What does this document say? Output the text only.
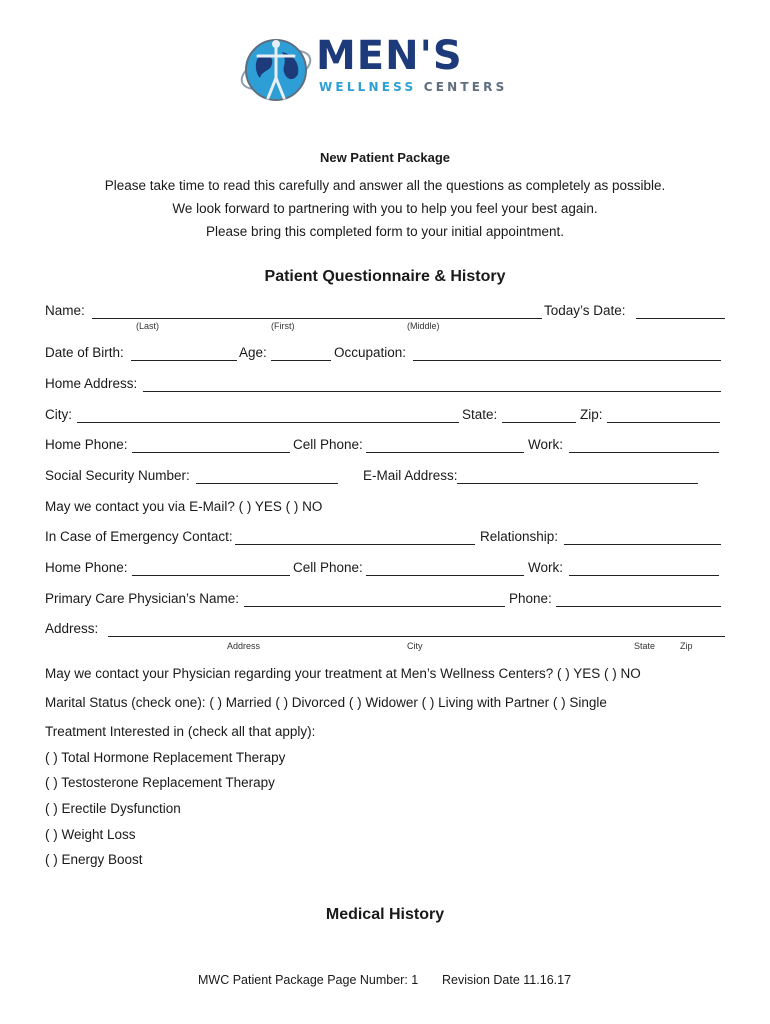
MEN'S
WELLNESS CENTERS
New Patient Package
Please take time to read this carefully and answer all the questions as completely as possible.
We look forward to partnering with you to help you feel your best again.
Please bring this completed form to your initial appointment.
Patient Questionnaire & History
Name:	Today’s Date:
(Last)	(First)	(Middle)
Date of Birth:	Age:	Occupation:
Home Address:
City:	State:	Zip:
Home Phone:	Cell Phone:	Work:
Social Security Number:	E-Mail Address:
May we contact you via E-Mail? ( ) YES ( ) NO
In Case of Emergency Contact:	Relationship:
Home Phone:	Cell Phone:	Work:
Primary Care Physician’s Name:	Phone:
Address:
Address	City	State	Zip
May we contact your Physician regarding your treatment at Men’s Wellness Centers? ( ) YES ( ) NO
Marital Status (check one): ( ) Married ( ) Divorced ( ) Widower ( ) Living with Partner ( ) Single
Treatment Interested in (check all that apply):
( ) Total Hormone Replacement Therapy
( ) Testosterone Replacement Therapy
( ) Erectile Dysfunction
( ) Weight Loss
( ) Energy Boost
Medical History
MWC Patient Package Page Number: 1 Revision Date 11.16.17
